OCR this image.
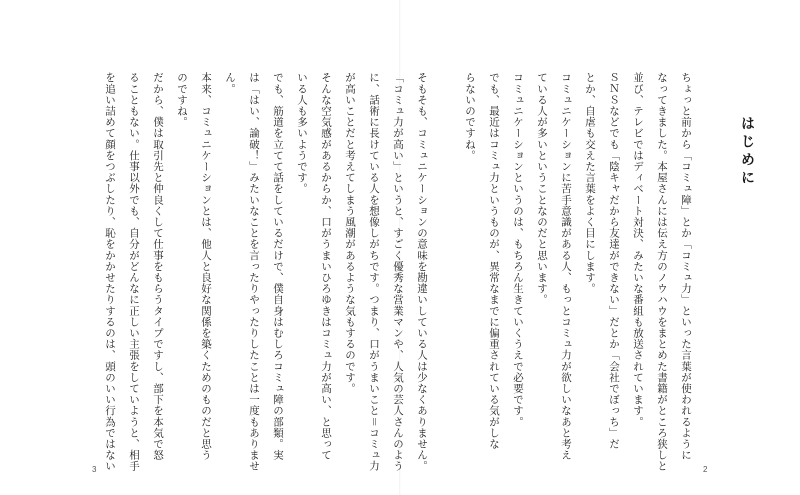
そもそも、コミュニケーションの意味を勘違いしている人は少なくありません。

「コミュ力が高い」というと、すごく優秀な営業マンや、人気の芸人さんのよう

に、話術に長けている人を想像しがちです。つまり、口がうまいこと＝コミュ力

が高いことだと考えてしまう風潮があるような気もするのです。

そんな空気感があるからか、口がうまいひろゆきはコミュ力が高い、と思って

いる人も多いようです。

でも、筋道を立てて話をしているだけで、僕自身はむしろコミュ障の部類。実

は「はい、論破！」みたいなことを言ったりやったりしたことは一度もありませ

ん。

本来、コミュニケーションとは、他人と良好な関係を築くためのものだと思う

のですね。

だから、僕は取引先と仲良くして仕事をもらうタイプですし、部下を本気で怒

ることもない。仕事以外でも、自分がどんなに正しい主張をしていようと、相手

を追い詰めて顔をつぶしたり、恥をかかせたりするのは、頭のいい行為ではない	ちょっと前から「コミュ障」とか「コミュ力」といった言葉が使われるように

なってきました。本屋さんには伝え方のノウハウをまとめた書籍がところ狭しと

並び、テレビではディベート対決、みたいな番組も放送されています。

ＳＮＳなどでも「陰キャだから友達ができない」だとか「会社でぼっち」だ

とか、自虐も交えた言葉をよく目にします。

コミュニケーションに苦手意識がある人、もっとコミュ力が欲しいなあと考え

ている人が多いということなのだと思います。

コミュニケーションというのは、もちろん生きていくうえで必要です。

でも、最近はコミュ力というものが、異常なまでに偏重されている気がしな

らないのですね。	はじめに
3	2
